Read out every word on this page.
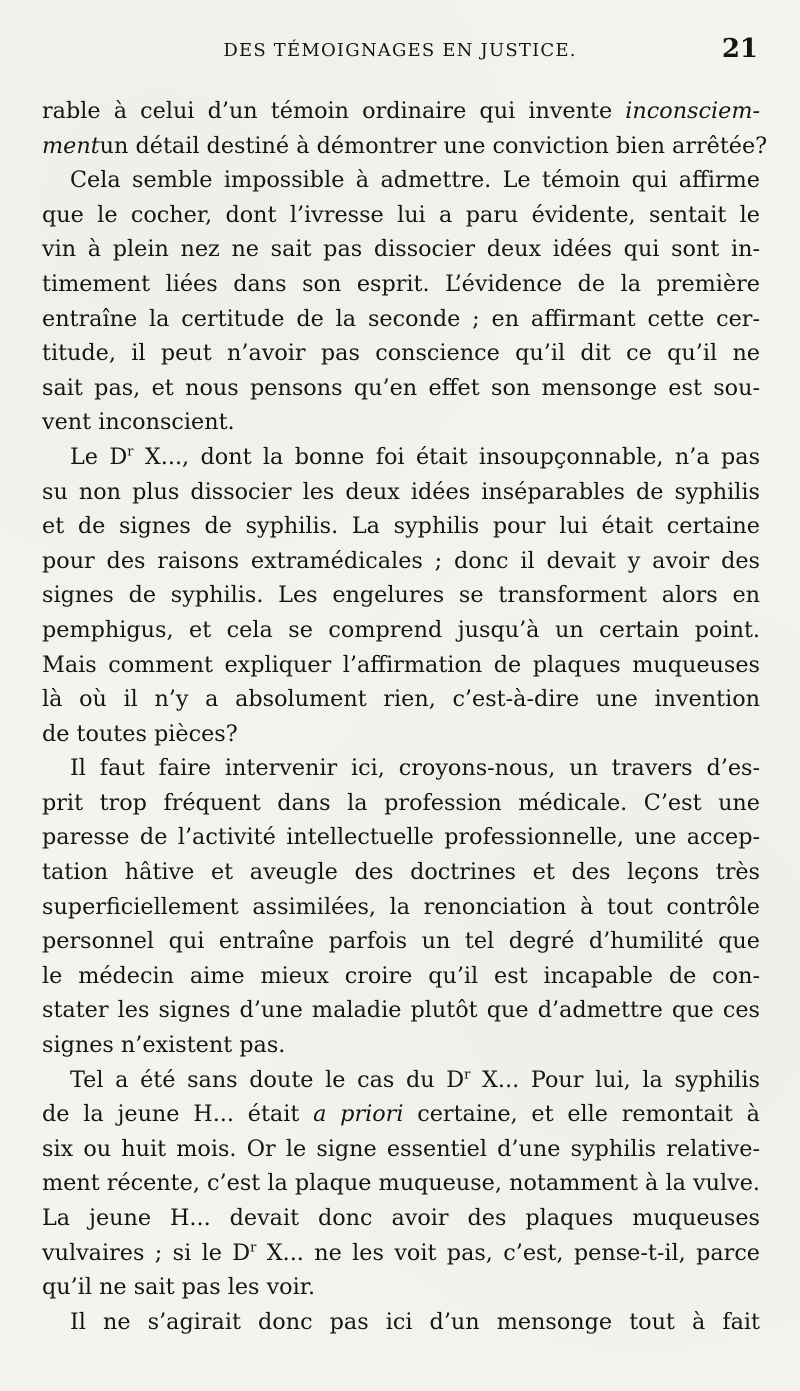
DES TÉMOIGNAGES EN JUSTICE.	21
rable à celui d’un témoin ordinaire qui invente inconsciem-
mentun détail destiné à démontrer une conviction bien arrêtée?
Cela semble impossible à admettre. Le témoin qui affirme
que le cocher, dont l’ivresse lui a paru évidente, sentait le
vin à plein nez ne sait pas dissocier deux idées qui sont in-
timement liées dans son esprit. L’évidence de la première
entraîne la certitude de la seconde ; en affirmant cette cer-
titude, il peut n’avoir pas conscience qu’il dit ce qu’il ne
sait pas, et nous pensons qu’en effet son mensonge est sou-
vent inconscient.
Le $D^r$ X..., dont la bonne foi était insoupçonnable, n’a pas
su non plus dissocier les deux idées inséparables de syphilis
et de signes de syphilis. La syphilis pour lui était certaine
pour des raisons extramédicales ; donc il devait y avoir des
signes de syphilis. Les engelures se transforment alors en
pemphigus, et cela se comprend jusqu’à un certain point.
Mais comment expliquer l’affirmation de plaques muqueuses
là où il n’y a absolument rien, c’est-à-dire une invention
de toutes pièces?
Il faut faire intervenir ici, croyons-nous, un travers d’es-
prit trop fréquent dans la profession médicale. C’est une
paresse de l’activité intellectuelle professionnelle, une accep-
tation hâtive et aveugle des doctrines et des leçons très
superficiellement assimilées, la renonciation à tout contrôle
personnel qui entraîne parfois un tel degré d’humilité que
le médecin aime mieux croire qu’il est incapable de con-
stater les signes d’une maladie plutôt que d’admettre que ces
signes n’existent pas.
Tel a été sans doute le cas du $D^r$ X... Pour lui, la syphilis
de la jeune H... était a priori certaine, et elle remontait à
six ou huit mois. Or le signe essentiel d’une syphilis relative-
ment récente, c’est la plaque muqueuse, notamment à la vulve.
La jeune H... devait donc avoir des plaques muqueuses
vulvaires ; si le $D^r$ X... ne les voit pas, c’est, pense-t-il, parce
qu’il ne sait pas les voir.
Il ne s’agirait donc pas ici d’un mensonge tout à fait
